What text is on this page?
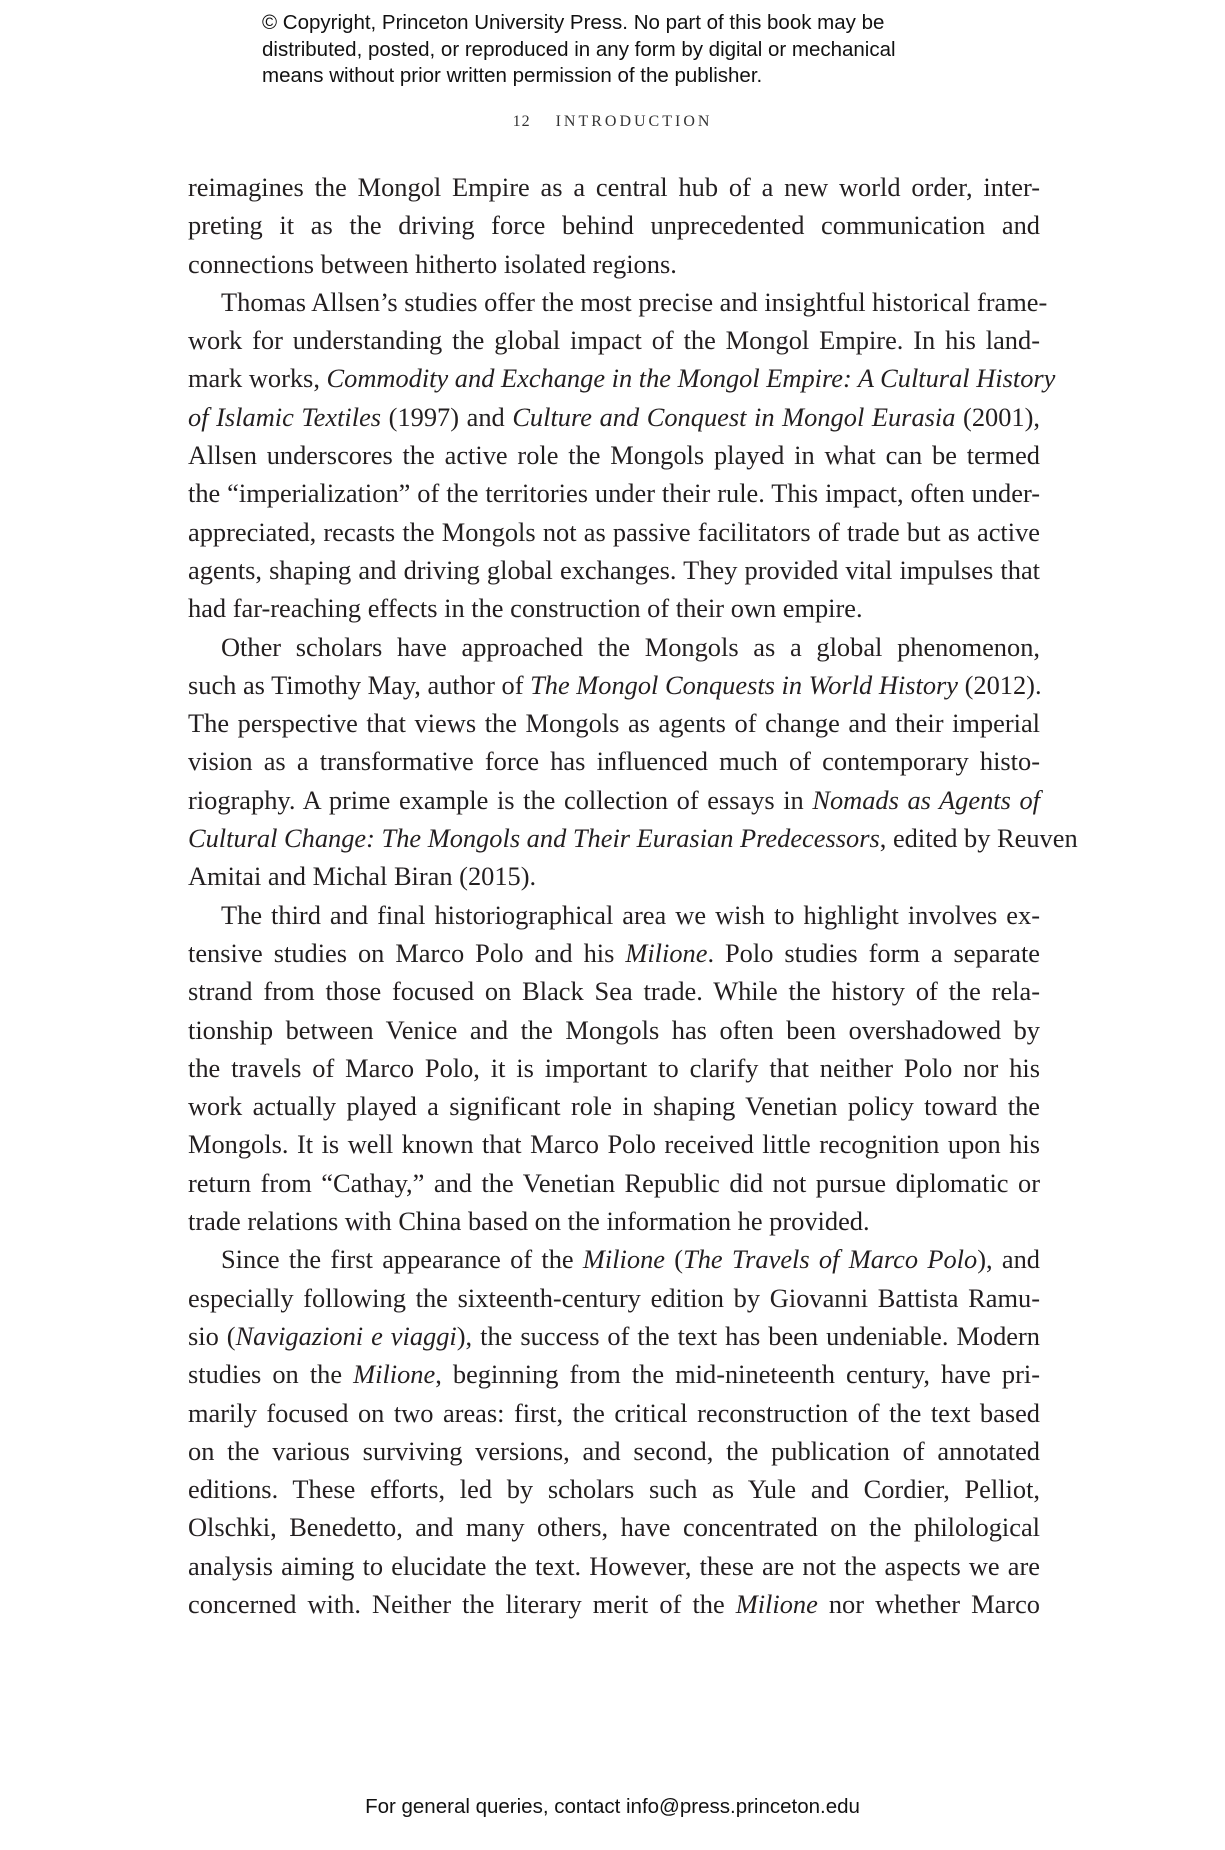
© Copyright, Princeton University Press. No part of this book may be
distributed, posted, or reproduced in any form by digital or mechanical
means without prior written permission of the publisher.
12 INTRODUCTION
reimagines the Mongol Empire as a central hub of a new world order, inter-
preting it as the driving force behind unprecedented communication and
connections between hitherto isolated regions.
Thomas Allsen’s studies offer the most precise and insightful historical frame-
work for understanding the global impact of the Mongol Empire. In his land-
mark works, Commodity and Exchange in the Mongol Empire: A Cultural History
of Islamic Textiles (1997) and Culture and Conquest in Mongol Eurasia (2001),
Allsen underscores the active role the Mongols played in what can be termed
the “imperialization” of the territories under their rule. This impact, often under-
appreciated, recasts the Mongols not as passive facilitators of trade but as active
agents, shaping and driving global exchanges. They provided vital impulses that
had far-reaching effects in the construction of their own empire.
Other scholars have approached the Mongols as a global phenomenon,
such as Timothy May, author of The Mongol Conquests in World History (2012).
The perspective that views the Mongols as agents of change and their imperial
vision as a transformative force has influenced much of contemporary histo-
riography. A prime example is the collection of essays in Nomads as Agents of
Cultural Change: The Mongols and Their Eurasian Predecessors, edited by Reuven
Amitai and Michal Biran (2015).
The third and final historiographical area we wish to highlight involves ex-
tensive studies on Marco Polo and his Milione. Polo studies form a separate
strand from those focused on Black Sea trade. While the history of the rela-
tionship between Venice and the Mongols has often been overshadowed by
the travels of Marco Polo, it is important to clarify that neither Polo nor his
work actually played a significant role in shaping Venetian policy toward the
Mongols. It is well known that Marco Polo received little recognition upon his
return from “Cathay,” and the Venetian Republic did not pursue diplomatic or
trade relations with China based on the information he provided.
Since the first appearance of the Milione (The Travels of Marco Polo), and
especially following the sixteenth-century edition by Giovanni Battista Ramu-
sio (Navigazioni e viaggi), the success of the text has been undeniable. Modern
studies on the Milione, beginning from the mid-nineteenth century, have pri-
marily focused on two areas: first, the critical reconstruction of the text based
on the various surviving versions, and second, the publication of annotated
editions. These efforts, led by scholars such as Yule and Cordier, Pelliot,
Olschki, Benedetto, and many others, have concentrated on the philological
analysis aiming to elucidate the text. However, these are not the aspects we are
concerned with. Neither the literary merit of the Milione nor whether Marco
For general queries, contact info@press.princeton.edu
